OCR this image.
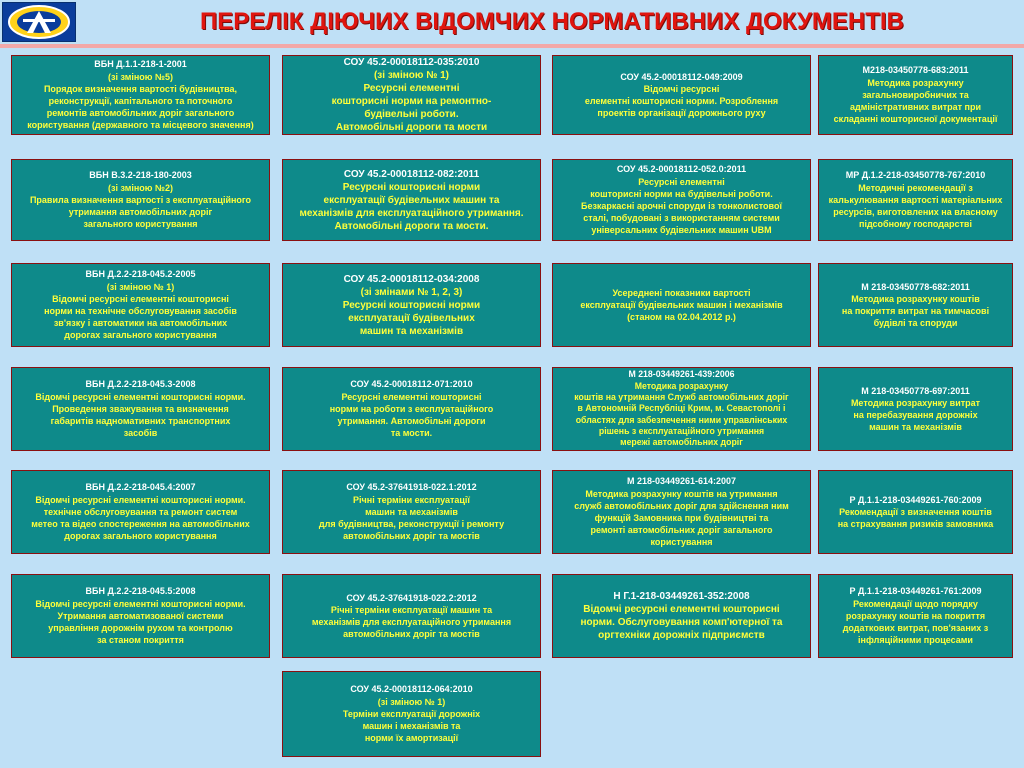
ПЕРЕЛІК ДІЮЧИХ ВІДОМЧИХ НОРМАТИВНИХ ДОКУМЕНТІВ
ВБН Д.1.1-218-1-2001
(зі зміною №5)
Порядок визначення вартості будівництва,
реконструкції, капітального та поточного
ремонтів автомобільних доріг загального
користування (державного та місцевого значення)
СОУ 45.2-00018112-035:2010
(зі зміною № 1)
Ресурсні елементні
кошторисні норми на ремонтно-
будівельні роботи.
Автомобільні дороги та мости
СОУ 45.2-00018112-049:2009
Відомчі ресурсні
елементні кошторисні норми. Розроблення
проектів організації дорожнього руху
М218-03450778-683:2011
Методика розрахунку
загальновиробничих та
адміністративних витрат при
складанні кошторисної документації
ВБН В.3.2-218-180-2003
(зі зміною №2)
Правила визначення вартості з експлуатаційного
утримання автомобільних доріг
загального користування
СОУ 45.2-00018112-082:2011
Ресурсні кошторисні норми
експлуатації будівельних машин та
механізмів для експлуатаційного утримання.
Автомобільні дороги та мости.
СОУ 45.2-00018112-052.0:2011
Ресурсні елементні
кошторисні норми на будівельні роботи.
Безкаркасні арочні споруди із тонколистової
сталі, побудовані з використанням системи
універсальних будівельних машин UBM
МР Д.1.2-218-03450778-767:2010
Методичні рекомендації з
калькулювання вартості матеріальних
ресурсів, виготовлених на власному
підсобному господарстві
ВБН Д.2.2-218-045.2-2005
(зі зміною № 1)
Відомчі ресурсні елементні кошторисні
норми на технічне обслуговування засобів
зв'язку і автоматики на автомобільних
дорогах загального користування
СОУ 45.2-00018112-034:2008
(зі змінами № 1, 2, 3)
Ресурсні кошторисні норми
експлуатації будівельних
машин та механізмів
Усереднені показники вартості
експлуатації будівельних машин і механізмів
(станом на 02.04.2012 р.)
М 218-03450778-682:2011
Методика розрахунку коштів
на покриття витрат на тимчасові
будівлі та споруди
ВБН Д.2.2-218-045.3-2008
Відомчі ресурсні елементні кошторисні норми.
Проведення зважування та визначення
габаритів надномативних транспортних
засобів
СОУ 45.2-00018112-071:2010
Ресурсні елементні кошторисні
норми на роботи з експлуатаційного
утримання. Автомобільні дороги
та мости.
М 218-03449261-439:2006
Методика розрахунку
коштів на утримання Служб автомобільних доріг
в Автономній Республіці Крим, м. Севастополі і
областях для забезпечення ними управлінських
рішень з експлуатаційного утримання
мережі автомобільних доріг
М 218-03450778-697:2011
Методика розрахунку витрат
на перебазування дорожніх
машин та механізмів
ВБН Д.2.2-218-045.4:2007
Відомчі ресурсні елементні кошторисні норми.
технічне обслуговування та ремонт систем
метео та відео спостереження на автомобільних
дорогах загального користування
СОУ 45.2-37641918-022.1:2012
Річні терміни експлуатації
машин та механізмів
для будівництва, реконструкції і ремонту
автомобільних доріг та мостів
М 218-03449261-614:2007
Методика розрахунку коштів на утримання
служб автомобільних доріг для здійснення ним
функцій Замовника при будівництві та
ремонті автомобільних доріг загального
користування
Р Д.1.1-218-03449261-760:2009
Рекомендації з визначення коштів
на страхування ризиків замовника
ВБН Д.2.2-218-045.5:2008
Відомчі ресурсні елементні кошторисні норми.
Утримання автоматизованої системи
управління дорожнім рухом та контролю
за станом покриття
СОУ 45.2-37641918-022.2:2012
Річні терміни експлуатації машин та
механізмів для експлуатаційного утримання
автомобільних доріг та мостів
Н Г.1-218-03449261-352:2008
Відомчі ресурсні елементні кошторисні
норми. Обслуговування комп'ютерної та
оргтехніки дорожніх підприємств
Р Д.1.1-218-03449261-761:2009
Рекомендації щодо порядку
розрахунку коштів на покриття
додаткових витрат, пов'язаних з
інфляційними процесами
СОУ 45.2-00018112-064:2010
(зі зміною № 1)
Терміни експлуатації дорожніх
машин і механізмів та
норми їх амортизації
